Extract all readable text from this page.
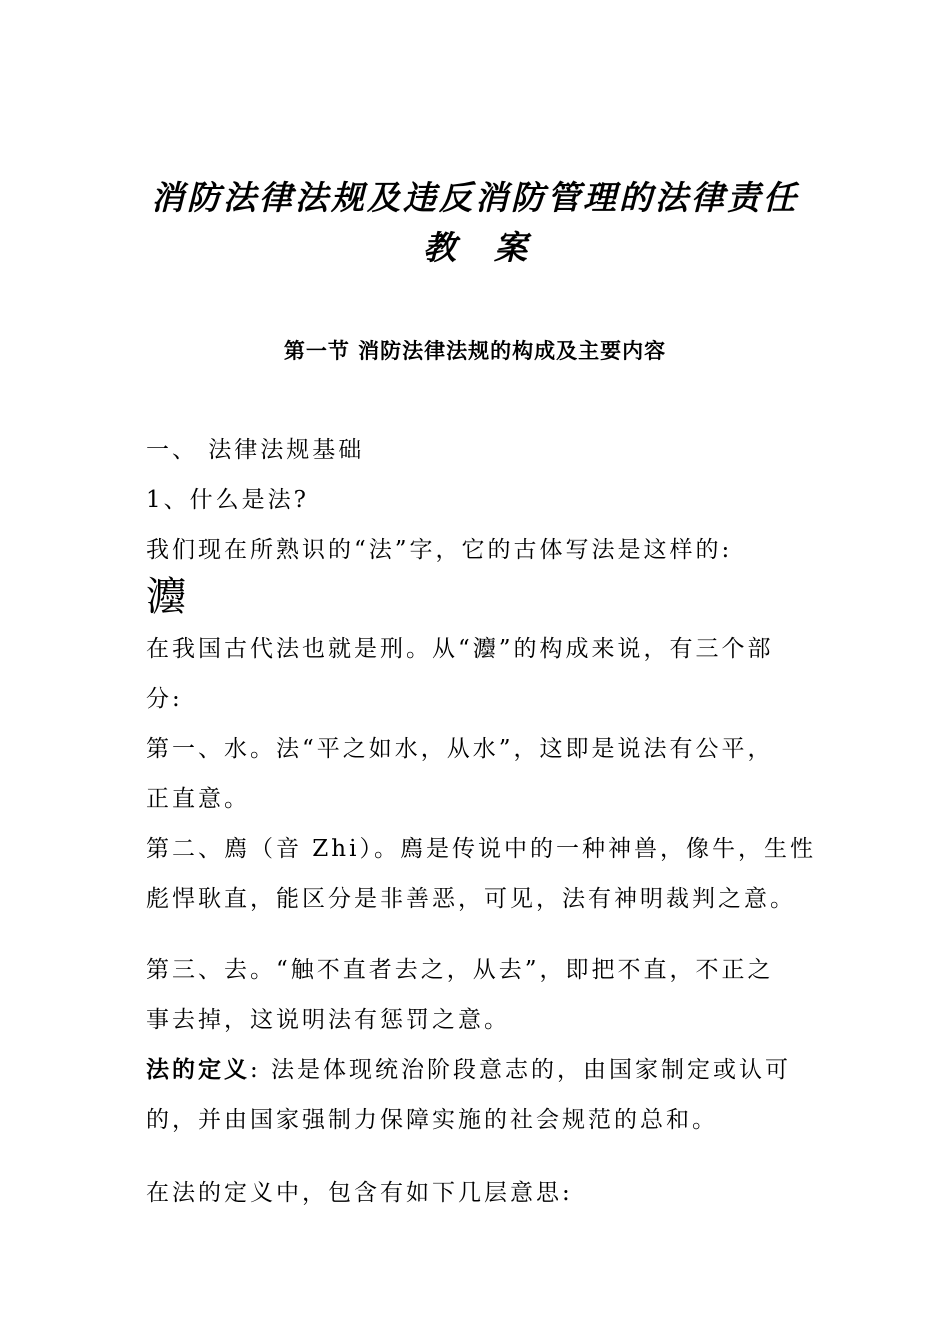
消防法律法规及违反消防管理的法律责任
教案
第一节 消防法律法规的构成及主要内容
一、 法律法规基础
1、什么是法?
我们现在所熟识的“法”字，它的古体写法是这样的:
灋
在我国古代法也就是刑。从“灋”的构成来说，有三个部
分:
第一、水。法“平之如水，从水”，这即是说法有公平，
正直意。
第二、廌（音 Zhi）。廌是传说中的一种神兽，像牛，生性
彪悍耿直，能区分是非善恶，可见，法有神明裁判之意。
第三、去。“触不直者去之，从去”，即把不直，不正之
事去掉，这说明法有惩罚之意。
法的定义: 法是体现统治阶段意志的，由国家制定或认可
的，并由国家强制力保障实施的社会规范的总和。
在法的定义中，包含有如下几层意思:
